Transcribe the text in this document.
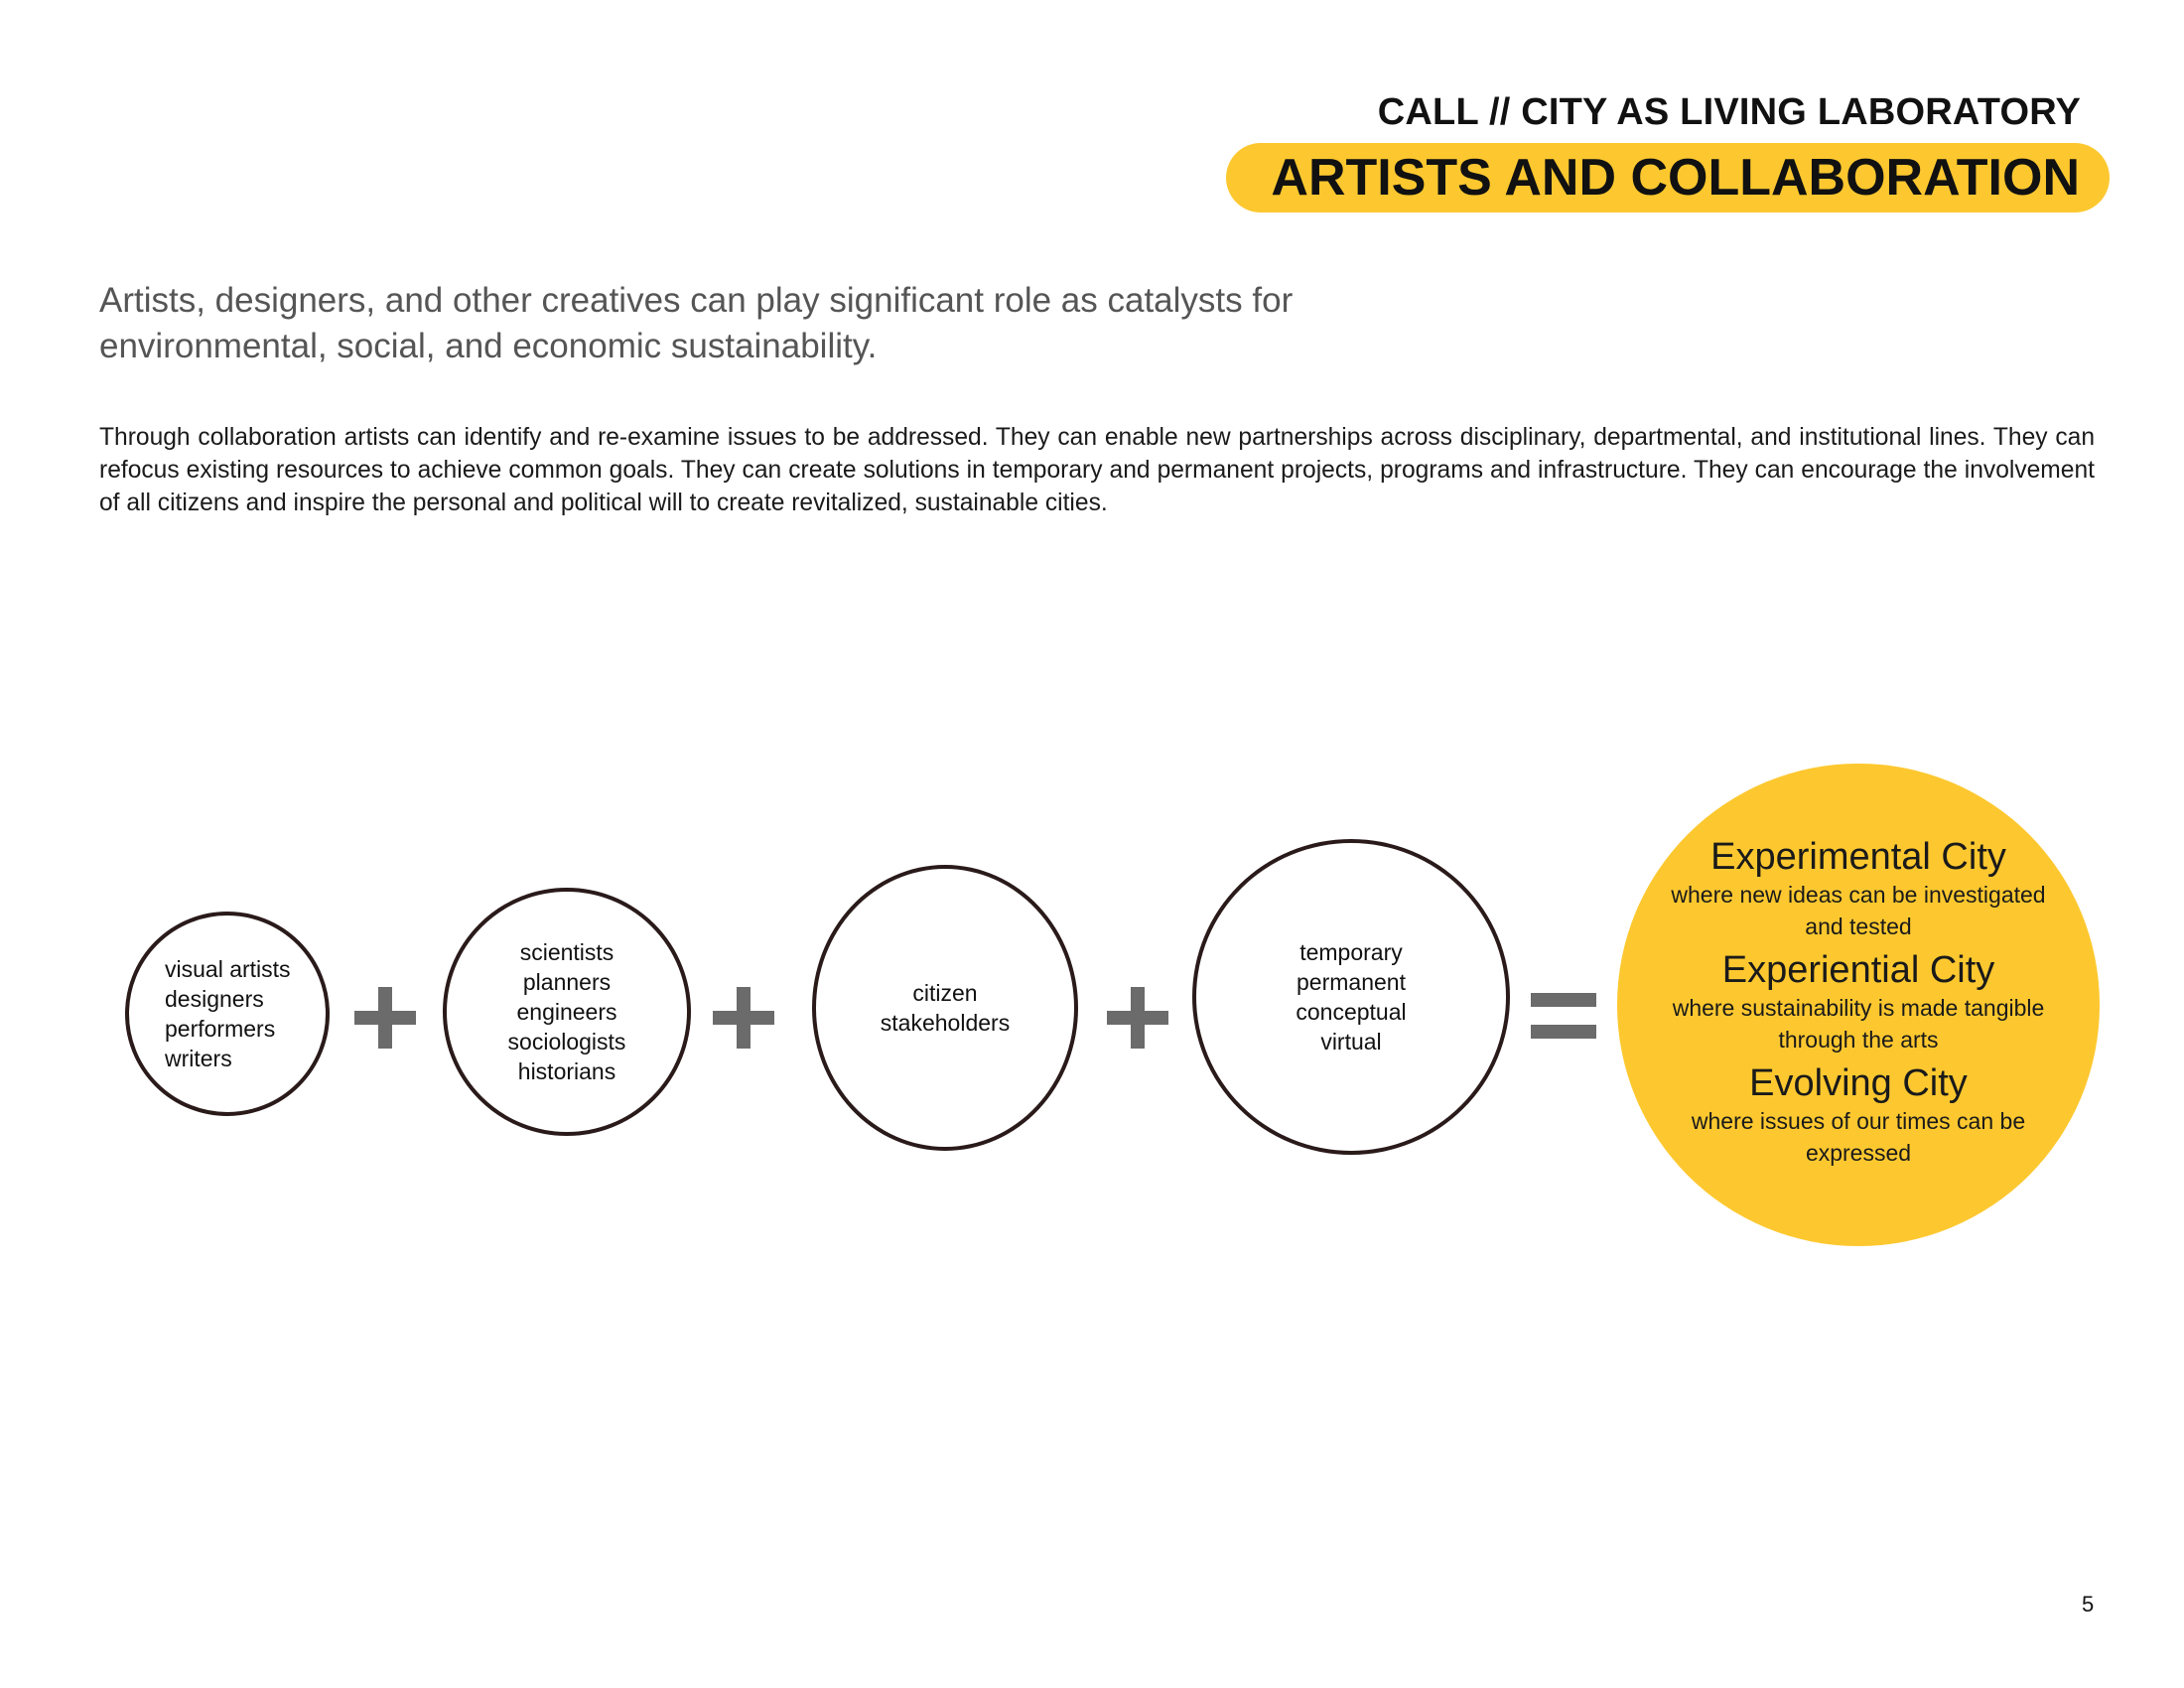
CALL // CITY AS LIVING LABORATORY
ARTISTS AND COLLABORATION

Artists, designers, and other creatives can play significant role as catalysts for environmental, social, and economic sustainability.

Through collaboration artists can identify and re-examine issues to be addressed. They can enable new partnerships across disciplinary, departmental, and institutional lines. They can refocus existing resources to achieve common goals. They can create solutions in temporary and permanent projects, programs and infrastructure. They can encourage the involvement of all citizens and inspire the personal and political will to create revitalized, sustainable cities.

visual artists
designers
performers
writers
scientists
planners
engineers
sociologists
historians
citizen
stakeholders
temporary
permanent
conceptual
virtual
Experimental City
where new ideas can be investigated and tested
Experiential City
where sustainability is made tangible through the arts
Evolving City
where issues of our times can be expressed
5
